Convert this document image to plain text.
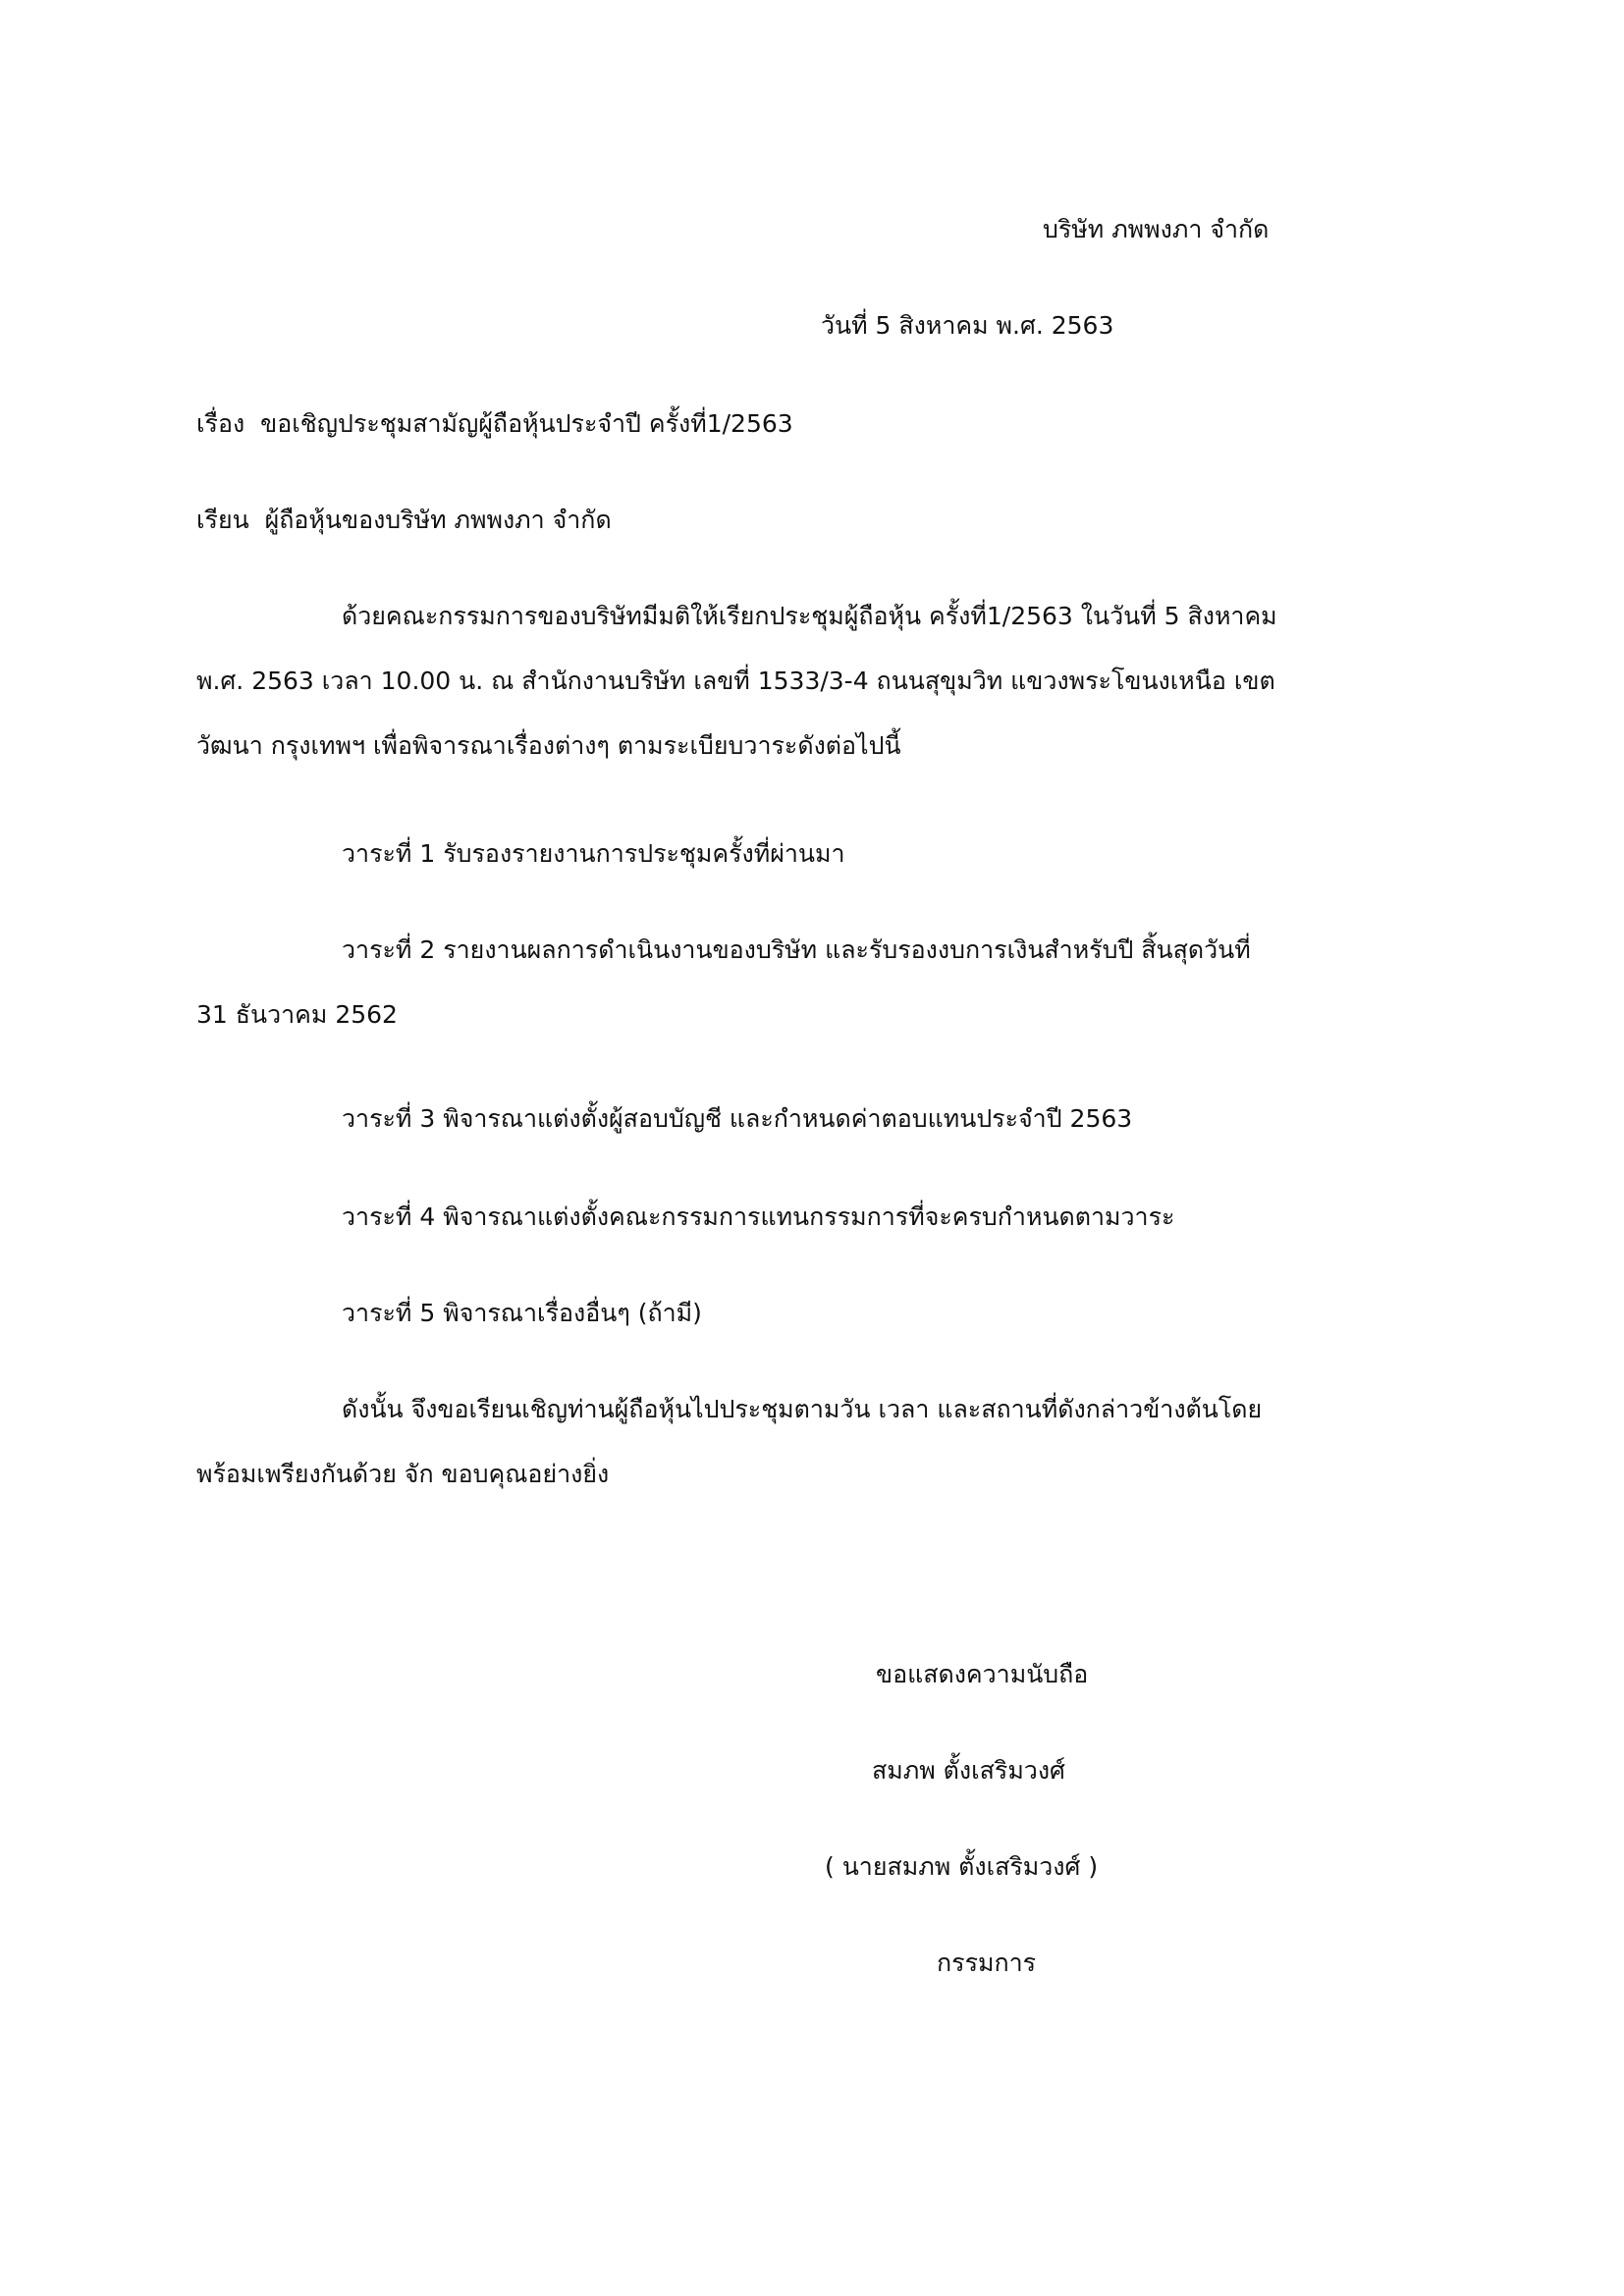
บริษัท ภพพงภา จำกัด
วันที่ 5 สิงหาคม พ.ศ. 2563
เรื่อง ขอเชิญประชุมสามัญผู้ถือหุ้นประจำปี ครั้งที่1/2563
เรียน ผู้ถือหุ้นของบริษัท ภพพงภา จำกัด
ด้วยคณะกรรมการของบริษัทมีมติให้เรียกประชุมผู้ถือหุ้น ครั้งที่1/2563 ในวันที่ 5 สิงหาคม
พ.ศ. 2563 เวลา 10.00 น. ณ สำนักงานบริษัท เลขที่ 1533/3-4 ถนนสุขุมวิท แขวงพระโขนงเหนือ เขต
วัฒนา กรุงเทพฯ เพื่อพิจารณาเรื่องต่างๆ ตามระเบียบวาระดังต่อไปนี้
วาระที่ 1 รับรองรายงานการประชุมครั้งที่ผ่านมา
วาระที่ 2 รายงานผลการดำเนินงานของบริษัท และรับรองงบการเงินสำหรับปี สิ้นสุดวันที่
31 ธันวาคม 2562
วาระที่ 3 พิจารณาแต่งตั้งผู้สอบบัญชี และกำหนดค่าตอบแทนประจำปี 2563
วาระที่ 4 พิจารณาแต่งตั้งคณะกรรมการแทนกรรมการที่จะครบกำหนดตามวาระ
วาระที่ 5 พิจารณาเรื่องอื่นๆ (ถ้ามี)
ดังนั้น จึงขอเรียนเชิญท่านผู้ถือหุ้นไปประชุมตามวัน เวลา และสถานที่ดังกล่าวข้างต้นโดย
พร้อมเพรียงกันด้วย จัก ขอบคุณอย่างยิ่ง
ขอแสดงความนับถือ
สมภพ ตั้งเสริมวงศ์
( นายสมภพ ตั้งเสริมวงศ์ )
กรรมการ
